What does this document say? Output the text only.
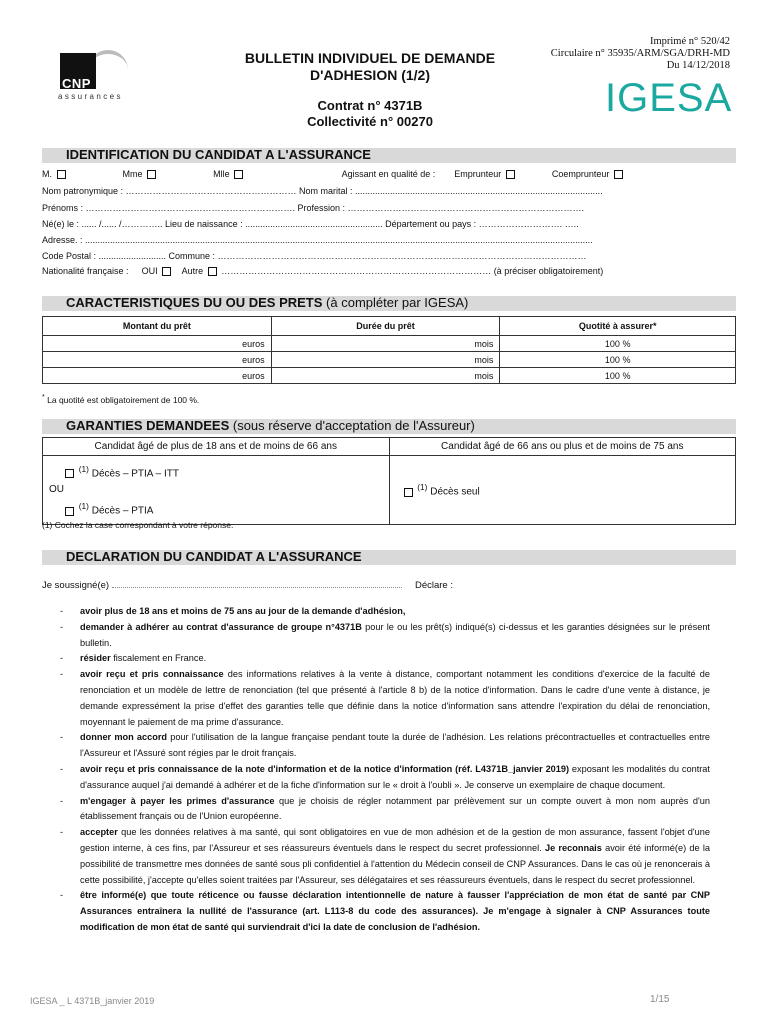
CNP
assurances
BULLETIN INDIVIDUEL DE DEMANDE
D'ADHESION (1/2)
Contrat n° 4371B
Collectivité n° 00270
Imprimé n° 520/42
Circulaire n° 35935/ARM/SGA/DRH-MD
Du 14/12/2018
IGESA
IDENTIFICATION DU CANDIDAT A L'ASSURANCE
M.	Mme	Mlle	Agissant en qualité de : Emprunteur	Coemprunteur
Nom patronymique : ………………………………………………… Nom marital : ...................................................................................................
Prénoms : ……………………………………………………………. Profession : …………………………………………………………………….
Né(e) le : ...... /...... /………….. Lieu de naissance : ....................................................... Département ou pays : ………………………. …..
Adresse. : ...........................................................................................................................................................................................................
Code Postal : ........................... Commune : ……………………………………………………………………………………………………………
Nationalité française : OUI	Autre ……………………………………………………………………………… (à préciser obligatoirement)
CARACTERISTIQUES DU OU DES PRETS (à compléter par IGESA)
Montant du prêt	Durée du prêt	Quotité à assurer*
euros	mois	100 %
euros	mois	100 %
euros	mois	100 %
* La quotité est obligatoirement de 100 %.
GARANTIES DEMANDEES (sous réserve d'acceptation de l'Assureur)
Candidat âgé de plus de 18 ans et de moins de 66 ans	Candidat âgé de 66 ans ou plus et de moins de 75 ans

$^{(1)}$ Décès – PTIA – ITT
OU
$^{(1)}$ Décès – PTIA	$^{(1)}$ Décès seul
(1) Cochez la case correspondant à votre réponse.
DECLARATION DU CANDIDAT A L'ASSURANCE
Je soussigné(e)	Déclare :
- avoir plus de 18 ans et moins de 75 ans au jour de la demande d'adhésion,
- demander à adhérer au contrat d'assurance de groupe n°4371B pour le ou les prêt(s) indiqué(s) ci-dessus et les garanties désignées sur le présent bulletin.
- résider fiscalement en France.
- avoir reçu et pris connaissance des informations relatives à la vente à distance, comportant notamment les conditions d'exercice de la faculté de renonciation et un modèle de lettre de renonciation (tel que présenté à l'article 8 b) de la notice d'information. Dans le cadre d'une vente à distance, je demande expressément la prise d'effet des garanties telle que définie dans la notice d'information sans attendre l'expiration du délai de renonciation, moyennant le paiement de ma prime d'assurance.
- donner mon accord pour l'utilisation de la langue française pendant toute la durée de l'adhésion. Les relations précontractuelles et contractuelles entre l'Assureur et l'Assuré sont régies par le droit français.
- avoir reçu et pris connaissance de la note d'information et de la notice d'information (réf. L4371B_janvier 2019) exposant les modalités du contrat d'assurance auquel j'ai demandé à adhérer et de la fiche d'information sur le « droit à l'oubli ». Je conserve un exemplaire de chaque document.
- m'engager à payer les primes d'assurance que je choisis de régler notamment par prélèvement sur un compte ouvert à mon nom auprès d'un établissement français ou de l'Union européenne.
- accepter que les données relatives à ma santé, qui sont obligatoires en vue de mon adhésion et de la gestion de mon assurance, fassent l'objet d'une gestion interne, à ces fins, par l'Assureur et ses réassureurs éventuels dans le respect du secret professionnel. Je reconnais avoir été informé(e) de la possibilité de transmettre mes données de santé sous pli confidentiel à l'attention du Médecin conseil de CNP Assurances. Dans le cas où je renoncerais à cette possibilité, j'accepte qu'elles soient traitées par l'Assureur, ses délégataires et ses réassureurs éventuels, dans le respect du secret professionnel.
- être informé(e) que toute réticence ou fausse déclaration intentionnelle de nature à fausser l'appréciation de mon état de santé par CNP Assurances entraînera la nullité de l'assurance (art. L113-8 du code des assurances). Je m'engage à signaler à CNP Assurances toute modification de mon état de santé qui surviendrait d'ici la date de conclusion de l'adhésion.
IGESA _ L 4371B_janvier 2019	1/15
